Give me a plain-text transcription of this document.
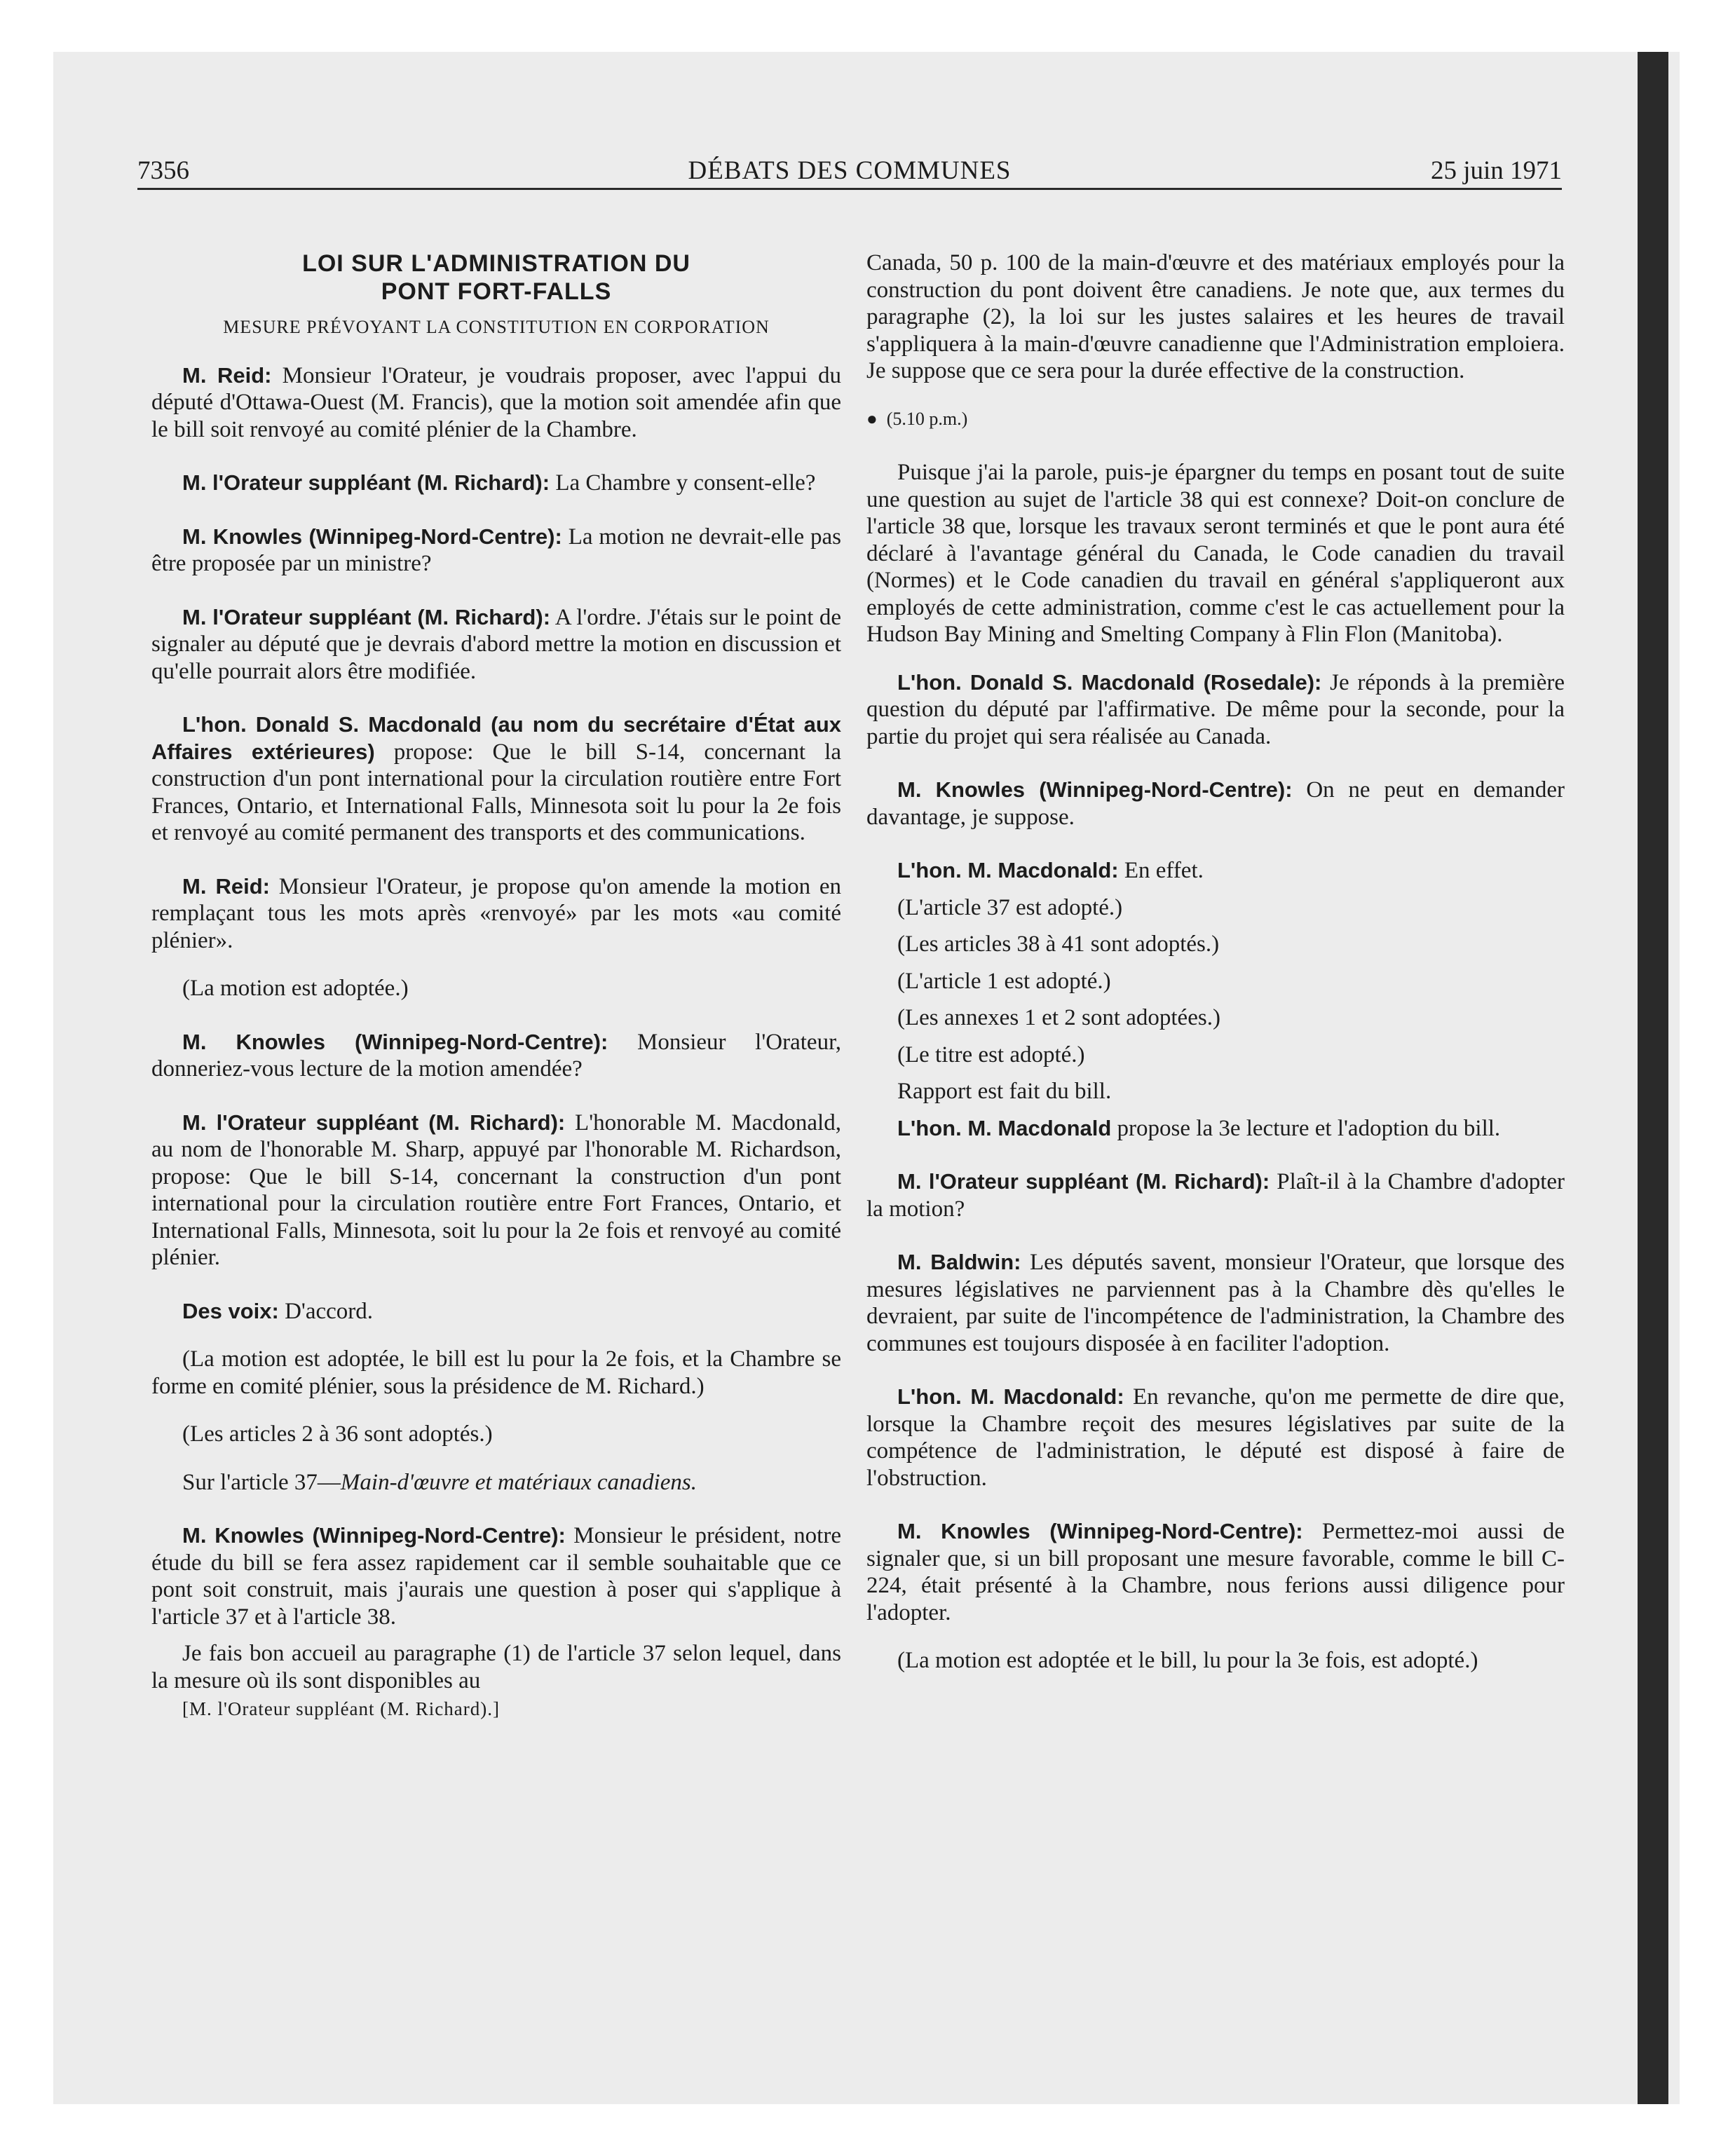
7356	DÉBATS DES COMMUNES	25 juin 1971
LOI SUR L'ADMINISTRATION DU
PONT FORT-FALLS
MESURE PRÉVOYANT LA CONSTITUTION EN CORPORATION

M. Reid: Monsieur l'Orateur, je voudrais proposer, avec l'appui du député d'Ottawa-Ouest (M. Francis), que la motion soit amendée afin que le bill soit renvoyé au comité plénier de la Chambre.

M. l'Orateur suppléant (M. Richard): La Chambre y consent-elle?

M. Knowles (Winnipeg-Nord-Centre): La motion ne devrait-elle pas être proposée par un ministre?

M. l'Orateur suppléant (M. Richard): A l'ordre. J'étais sur le point de signaler au député que je devrais d'abord mettre la motion en discussion et qu'elle pourrait alors être modifiée.

L'hon. Donald S. Macdonald (au nom du secrétaire d'État aux Affaires extérieures) propose: Que le bill S-14, concernant la construction d'un pont international pour la circulation routière entre Fort Frances, Ontario, et International Falls, Minnesota soit lu pour la 2e fois et renvoyé au comité permanent des transports et des communications.

M. Reid: Monsieur l'Orateur, je propose qu'on amende la motion en remplaçant tous les mots après «renvoyé» par les mots «au comité plénier».

(La motion est adoptée.)

M. Knowles (Winnipeg-Nord-Centre): Monsieur l'Orateur, donneriez-vous lecture de la motion amendée?

M. l'Orateur suppléant (M. Richard): L'honorable M. Macdonald, au nom de l'honorable M. Sharp, appuyé par l'honorable M. Richardson, propose: Que le bill S-14, concernant la construction d'un pont international pour la circulation routière entre Fort Frances, Ontario, et International Falls, Minnesota, soit lu pour la 2e fois et renvoyé au comité plénier.

Des voix: D'accord.

(La motion est adoptée, le bill est lu pour la 2e fois, et la Chambre se forme en comité plénier, sous la présidence de M. Richard.)

(Les articles 2 à 36 sont adoptés.)

Sur l'article 37—Main-d'œuvre et matériaux canadiens.

M. Knowles (Winnipeg-Nord-Centre): Monsieur le président, notre étude du bill se fera assez rapidement car il semble souhaitable que ce pont soit construit, mais j'aurais une question à poser qui s'applique à l'article 37 et à l'article 38.

Je fais bon accueil au paragraphe (1) de l'article 37 selon lequel, dans la mesure où ils sont disponibles au

[M. l'Orateur suppléant (M. Richard).]

Canada, 50 p. 100 de la main-d'œuvre et des matériaux employés pour la construction du pont doivent être canadiens. Je note que, aux termes du paragraphe (2), la loi sur les justes salaires et les heures de travail s'appliquera à la main-d'œuvre canadienne que l'Administration emploiera. Je suppose que ce sera pour la durée effective de la construction.

●  (5.10 p.m.)

Puisque j'ai la parole, puis-je épargner du temps en posant tout de suite une question au sujet de l'article 38 qui est connexe? Doit-on conclure de l'article 38 que, lorsque les travaux seront terminés et que le pont aura été déclaré à l'avantage général du Canada, le Code canadien du travail (Normes) et le Code canadien du travail en général s'appliqueront aux employés de cette administration, comme c'est le cas actuellement pour la Hudson Bay Mining and Smelting Company à Flin Flon (Manitoba).

L'hon. Donald S. Macdonald (Rosedale): Je réponds à la première question du député par l'affirmative. De même pour la seconde, pour la partie du projet qui sera réalisée au Canada.

M. Knowles (Winnipeg-Nord-Centre): On ne peut en demander davantage, je suppose.

L'hon. M. Macdonald: En effet.

(L'article 37 est adopté.)

(Les articles 38 à 41 sont adoptés.)

(L'article 1 est adopté.)

(Les annexes 1 et 2 sont adoptées.)

(Le titre est adopté.)

Rapport est fait du bill.

L'hon. M. Macdonald propose la 3e lecture et l'adoption du bill.

M. l'Orateur suppléant (M. Richard): Plaît-il à la Chambre d'adopter la motion?

M. Baldwin: Les députés savent, monsieur l'Orateur, que lorsque des mesures législatives ne parviennent pas à la Chambre dès qu'elles le devraient, par suite de l'incompétence de l'administration, la Chambre des communes est toujours disposée à en faciliter l'adoption.

L'hon. M. Macdonald: En revanche, qu'on me permette de dire que, lorsque la Chambre reçoit des mesures législatives par suite de la compétence de l'administration, le député est disposé à faire de l'obstruction.

M. Knowles (Winnipeg-Nord-Centre): Permettez-moi aussi de signaler que, si un bill proposant une mesure favorable, comme le bill C-224, était présenté à la Chambre, nous ferions aussi diligence pour l'adopter.

(La motion est adoptée et le bill, lu pour la 3e fois, est adopté.)
